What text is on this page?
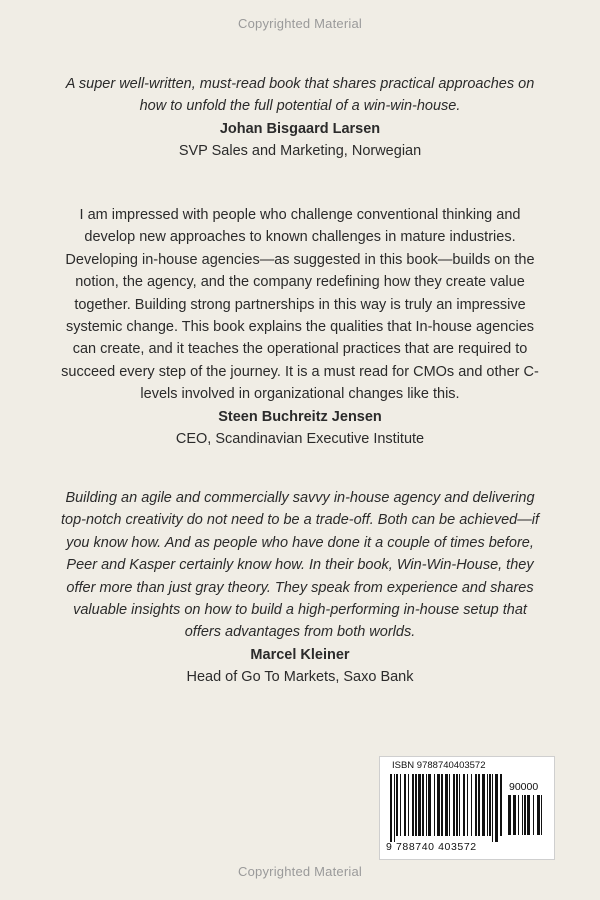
Copyrighted Material

A super well-written, must-read book that shares practical approaches on how to unfold the full potential of a win-win-house.

Johan Bisgaard Larsen

SVP Sales and Marketing, Norwegian

I am impressed with people who challenge conventional thinking and develop new approaches to known challenges in mature industries. Developing in-house agencies—as suggested in this book—builds on the notion, the agency, and the company redefining how they create value together. Building strong partnerships in this way is truly an impressive systemic change. This book explains the qualities that In-house agencies can create, and it teaches the operational practices that are required to succeed every step of the journey. It is a must read for CMOs and other C-levels involved in organizational changes like this.

Steen Buchreitz Jensen

CEO, Scandinavian Executive Institute

Building an agile and commercially savvy in-house agency and delivering top-notch creativity do not need to be a trade-off. Both can be achieved—if you know how. And as people who have done it a couple of times before, Peer and Kasper certainly know how. In their book, Win-Win-House, they offer more than just gray theory. They speak from experience and shares valuable insights on how to build a high-performing in-house setup that offers advantages from both worlds.

Marcel Kleiner

Head of Go To Markets, Saxo Bank

ISBN 9788740403572
90000
9 788740 403572
Copyrighted Material
